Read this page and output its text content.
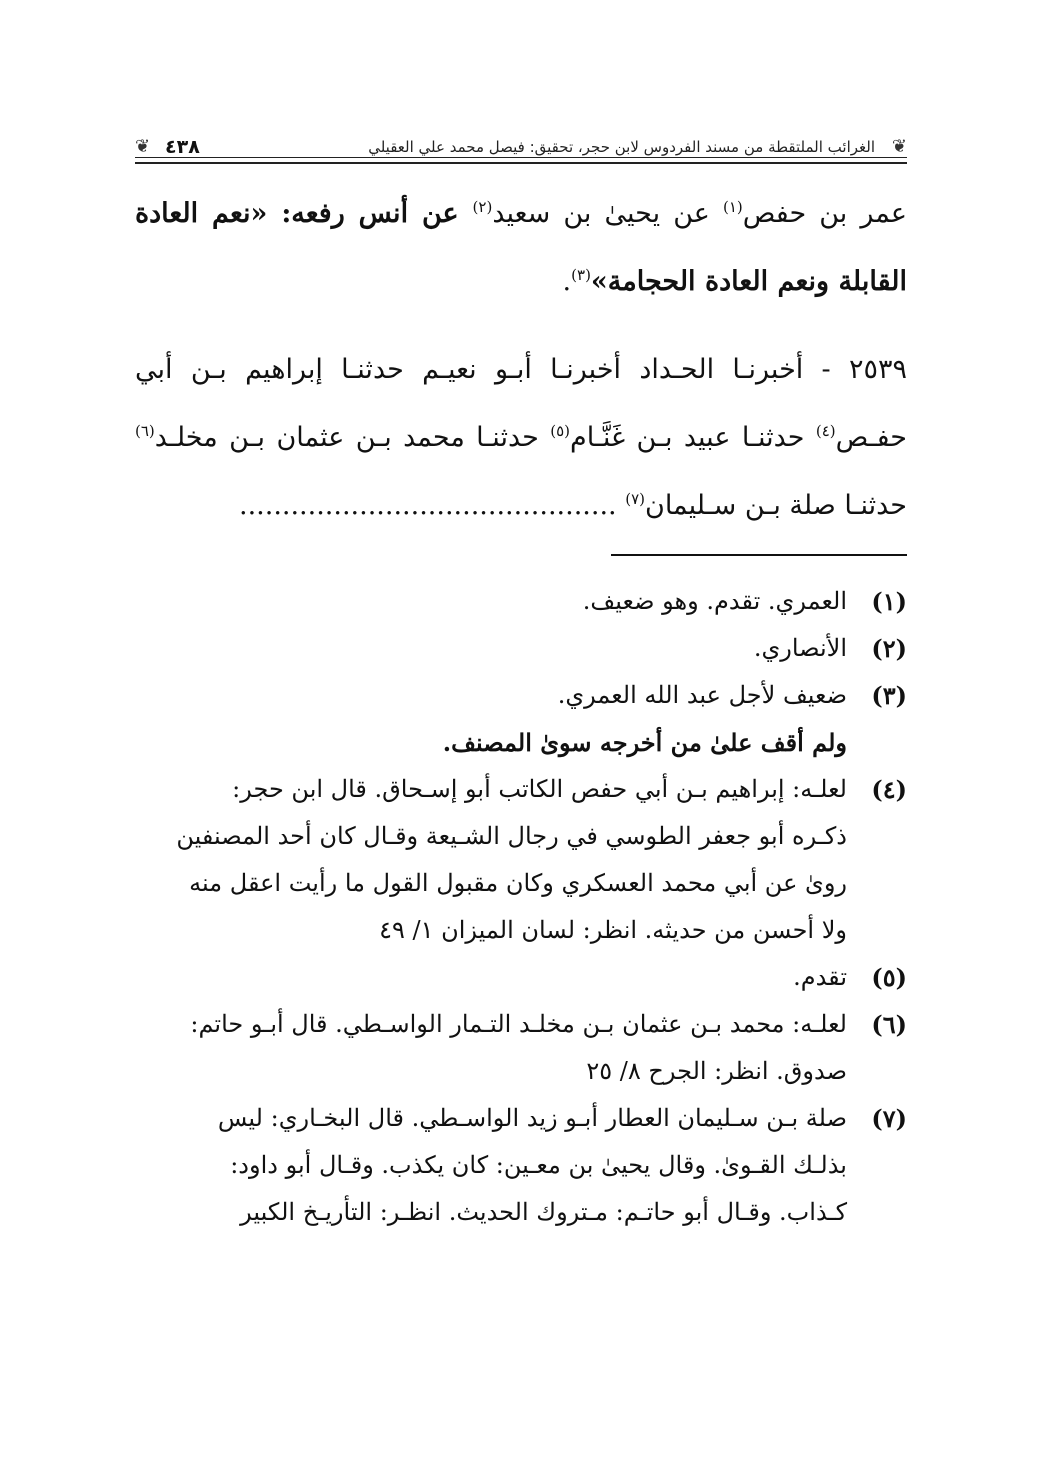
❦
الغرائب الملتقطة من مسند الفردوس لابن حجر، تحقيق: فيصل محمد علي العقيلي
٤٣٨
❦

عمر بن حفص$^{(١)}$ عن يحيىٰ بن سعيد$^{(٢)}$ عن أنس رفعه: «نعم العادة القابلة ونعم العادة الحجامة»$^{(٣)}$.

٢٥٣٩ - أخبرنـا الحـداد أخبرنـا أبـو نعيـم حدثنـا إبراهيم بـن أبي حفـص$^{(٤)}$ حدثنـا عبيد بـن غَنَّـام$^{(٥)}$ حدثنـا محمد بـن عثمان بـن مخلـد$^{(٦)}$ حدثنـا صلة بـن سـليمان$^{(٧)}$ ............................................

(١)
العمري. تقدم. وهو ضعيف.
(٢)
الأنصاري.
(٣)
ضعيف لأجل عبد الله العمري.
ولم أقف علىٰ من أخرجه سوىٰ المصنف.
(٤)
لعلـه: إبراهيم بـن أبي حفص الكاتب أبو إسـحاق. قال ابن حجر:
ذكـره أبو جعفر الطوسي في رجال الشـيعة وقـال كان أحد المصنفين
رو‌ىٰ عن أبي محمد العسكري وكان مقبول القول ما رأيت اعقل منه
ولا أحسن من حديثه. انظر: لسان الميزان ١/ ٤٩
(٥)
تقدم.
(٦)
لعلـه: محمد بـن عثمان بـن مخلـد التـمار الواسـطي. قال أبـو حاتم:
صدوق. انظر: الجرح ٨/ ٢٥
(٧)
صلة بـن سـليمان العطار أبـو زيد الواسـطي. قال البخـاري: ليس
بذلـك القـوىٰ. وقال يحيىٰ بن معـين: كان يكذب. وقـال أبو داود:
كـذاب. وقـال أبو حاتـم: مـتروك الحديث. انظـر: التأريـخ الكبير
